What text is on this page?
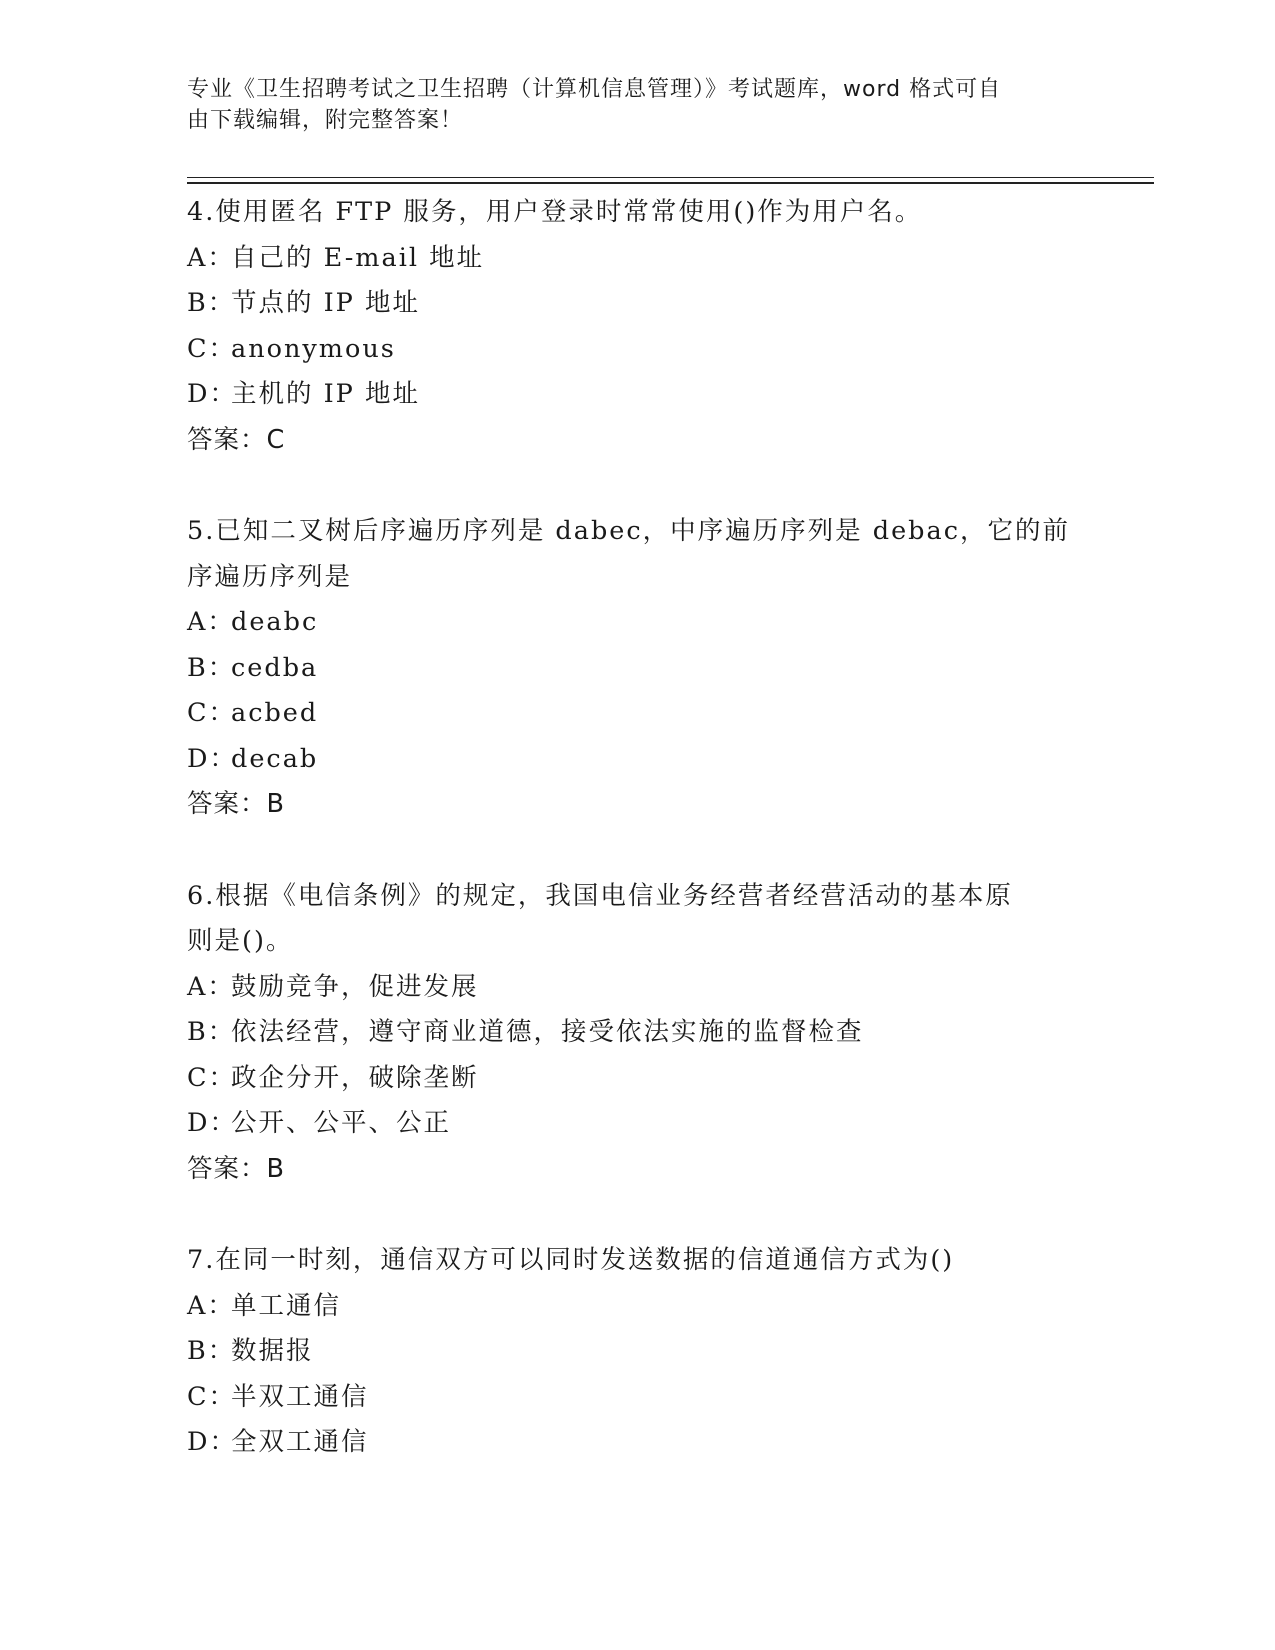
专业《卫生招聘考试之卫生招聘（计算机信息管理）》考试题库，word 格式可自
由下载编辑，附完整答案！
4.使用匿名 FTP 服务，用户登录时常常使用()作为用户名。
A：自己的 E-mail 地址
B：节点的 IP 地址
C：anonymous
D：主机的 IP 地址
答案：C
5.已知二叉树后序遍历序列是 dabec，中序遍历序列是 debac，它的前
序遍历序列是
A：deabc
B：cedba
C：acbed
D：decab
答案：B
6.根据《电信条例》的规定，我国电信业务经营者经营活动的基本原
则是()。
A：鼓励竞争，促进发展
B：依法经营，遵守商业道德，接受依法实施的监督检查
C：政企分开，破除垄断
D：公开、公平、公正
答案：B
7.在同一时刻，通信双方可以同时发送数据的信道通信方式为()
A：单工通信
B：数据报
C：半双工通信
D：全双工通信
